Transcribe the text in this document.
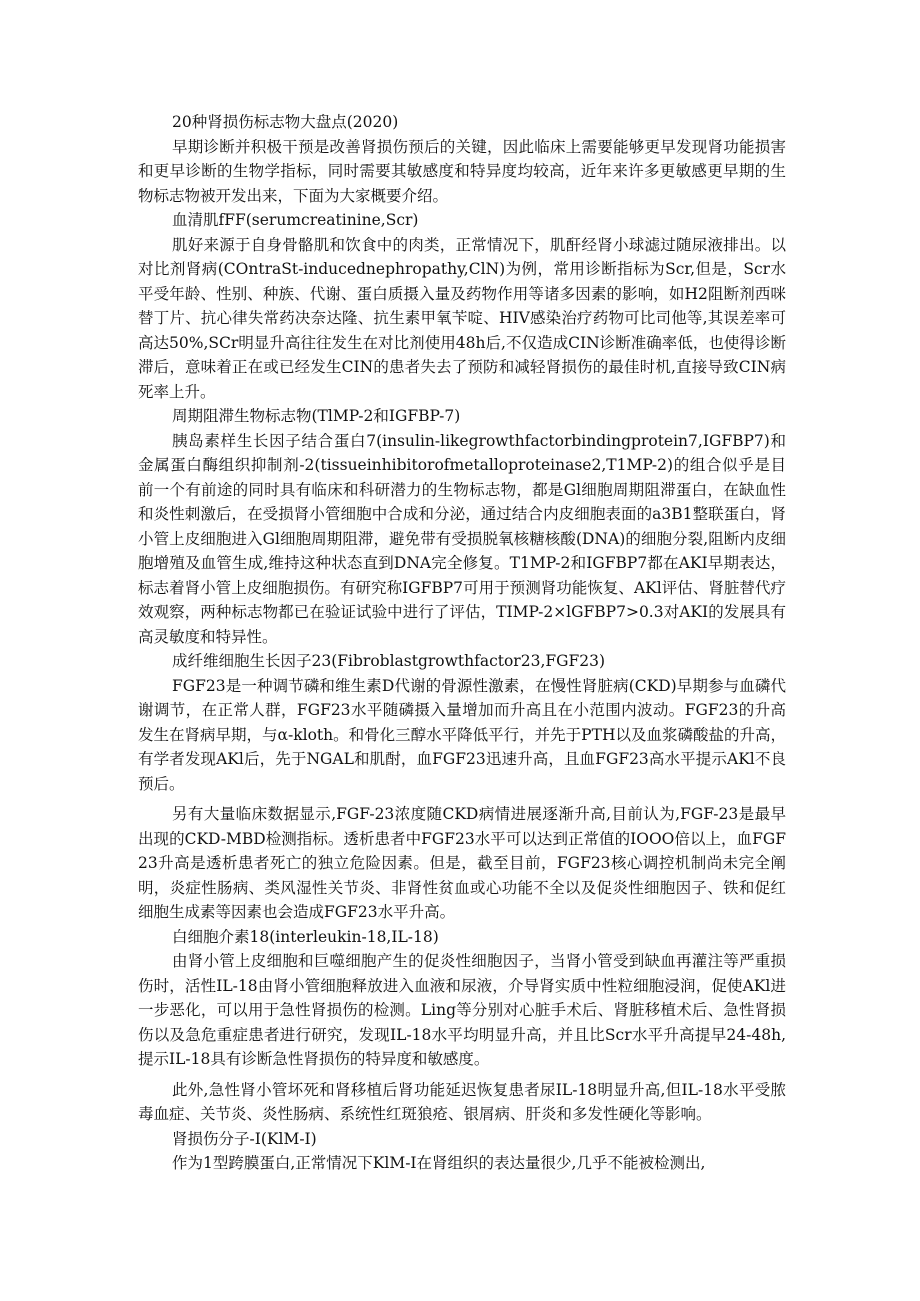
20种肾损伤标志物大盘点(2020)

早期诊断并积极干预是改善肾损伤预后的关键，因此临床上需要能够更早发现肾功能损害和更早诊断的生物学指标，同时需要其敏感度和特异度均较高，近年来许多更敏感更早期的生物标志物被开发出来，下面为大家概要介绍。

血清肌fFF(serumcreatinine,Scr)

肌好来源于自身骨骼肌和饮食中的肉类，正常情况下，肌酐经肾小球滤过随尿液排出。以对比剂肾病(COntraSt-inducednephropathy,ClN)为例，常用诊断指标为Scr,但是，Scr水平受年龄、性别、种族、代谢、蛋白质摄入量及药物作用等诸多因素的影响，如H2阻断剂西咪替丁片、抗心律失常药决奈达隆、抗生素甲氧苄啶、HIV感染治疗药物可比司他等,其误差率可高达50%,SCr明显升高往往发生在对比剂使用48h后,不仅造成CIN诊断准确率低，也使得诊断滞后，意味着正在或已经发生CIN的患者失去了预防和减轻肾损伤的最佳时机,直接导致CIN病死率上升。

周期阻滞生物标志物(TlMP-2和IGFBP-7)

胰岛素样生长因子结合蛋白7(insulin-likegrowthfactorbindingprotein7,IGFBP7)和金属蛋白酶组织抑制剂-2(tissueinhibitorofmetalloproteinase2,T1MP-2)的组合似乎是目前一个有前途的同时具有临床和科研潜力的生物标志物，都是Gl细胞周期阻滞蛋白，在缺血性和炎性刺激后，在受损肾小管细胞中合成和分泌，通过结合内皮细胞表面的a3B1整联蛋白，肾小管上皮细胞进入Gl细胞周期阻滞，避免带有受损脱氧核糖核酸(DNA)的细胞分裂,阻断内皮细胞增殖及血管生成,维持这种状态直到DNA完全修复。T1MP-2和IGFBP7都在AKI早期表达，标志着肾小管上皮细胞损伤。有研究称IGFBP7可用于预测肾功能恢复、AKl评估、肾脏替代疗效观察，两种标志物都已在验证试验中进行了评估，TIMP-2×lGFBP7>0.3对AKI的发展具有高灵敏度和特异性。

成纤维细胞生长因子23(Fibroblastgrowthfactor23,FGF23)

FGF23是一种调节磷和维生素D代谢的骨源性激素，在慢性肾脏病(CKD)早期参与血磷代谢调节，在正常人群，FGF23水平随磷摄入量增加而升高且在小范围内波动。FGF23的升高发生在肾病早期，与α-kloth。和骨化三醇水平降低平行，并先于PTH以及血浆磷酸盐的升高，有学者发现AKl后，先于NGAL和肌酎，血FGF23迅速升高，且血FGF23高水平提示AKl不良预后。

另有大量临床数据显示,FGF-23浓度随CKD病情进展逐渐升高,目前认为,FGF-23是最早出现的CKD-MBD检测指标。透析患者中FGF23水平可以达到正常值的IOOO倍以上，血FGF23升高是透析患者死亡的独立危险因素。但是，截至目前，FGF23核心调控机制尚未完全阐明，炎症性肠病、类风湿性关节炎、非肾性贫血或心功能不全以及促炎性细胞因子、铁和促红细胞生成素等因素也会造成FGF23水平升高。

白细胞介素18(interleukin-18,IL-18)

由肾小管上皮细胞和巨噬细胞产生的促炎性细胞因子，当肾小管受到缺血再灌注等严重损伤时，活性IL-18由肾小管细胞释放进入血液和尿液，介导肾实质中性粒细胞浸润，促使AKl进一步恶化，可以用于急性肾损伤的检测。Ling等分别对心脏手术后、肾脏移植术后、急性肾损伤以及急危重症患者进行研究，发现IL-18水平均明显升高，并且比Scr水平升高提早24-48h,提示IL-18具有诊断急性肾损伤的特异度和敏感度。

此外,急性肾小管坏死和肾移植后肾功能延迟恢复患者尿IL-18明显升高,但IL-18水平受脓毒血症、关节炎、炎性肠病、系统性红斑狼疮、银屑病、肝炎和多发性硬化等影响。

肾损伤分子-I(KlM-I)

作为1型跨膜蛋白,正常情况下KlM-I在肾组织的表达量很少,几乎不能被检测出,
